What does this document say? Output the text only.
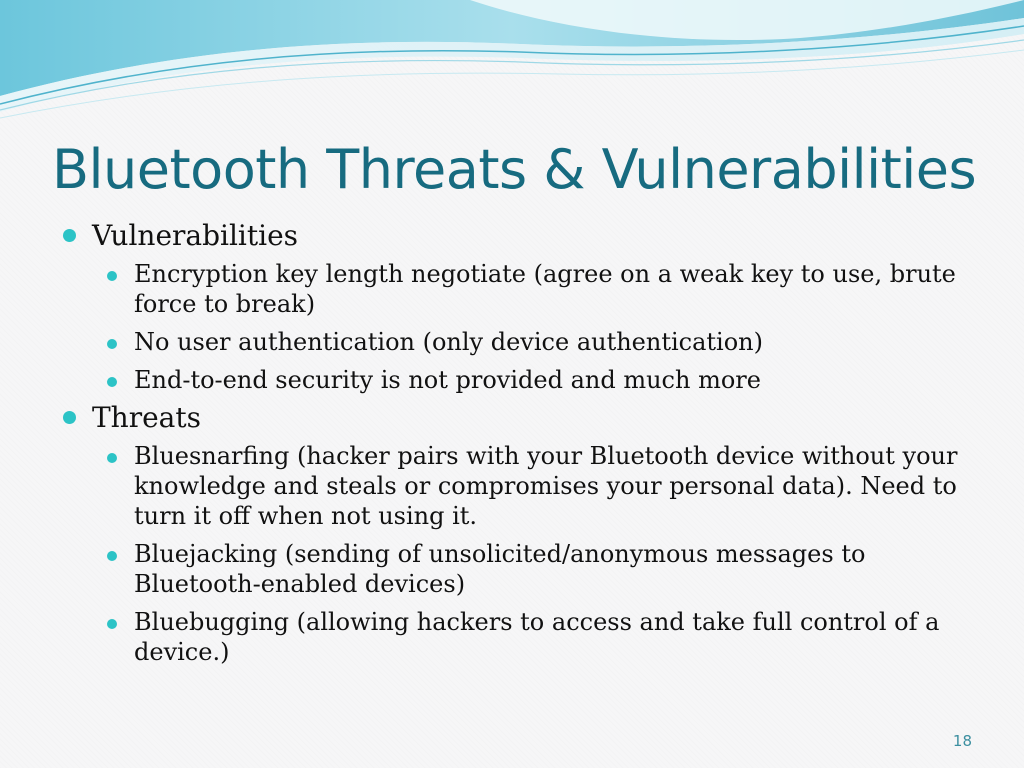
Bluetooth Threats & Vulnerabilities
Vulnerabilities
Encryption key length negotiate (agree on a weak key to use, brute force to break)
No user authentication (only device authentication)
End-to-end security is not provided and much more
Threats
Bluesnarfing (hacker pairs with your Bluetooth device without your knowledge and steals or compromises your personal data). Need to turn it off when not using it.
Bluejacking (sending of unsolicited/anonymous messages to Bluetooth-enabled devices)
Bluebugging (allowing hackers to access and take full control of a device.)
18
